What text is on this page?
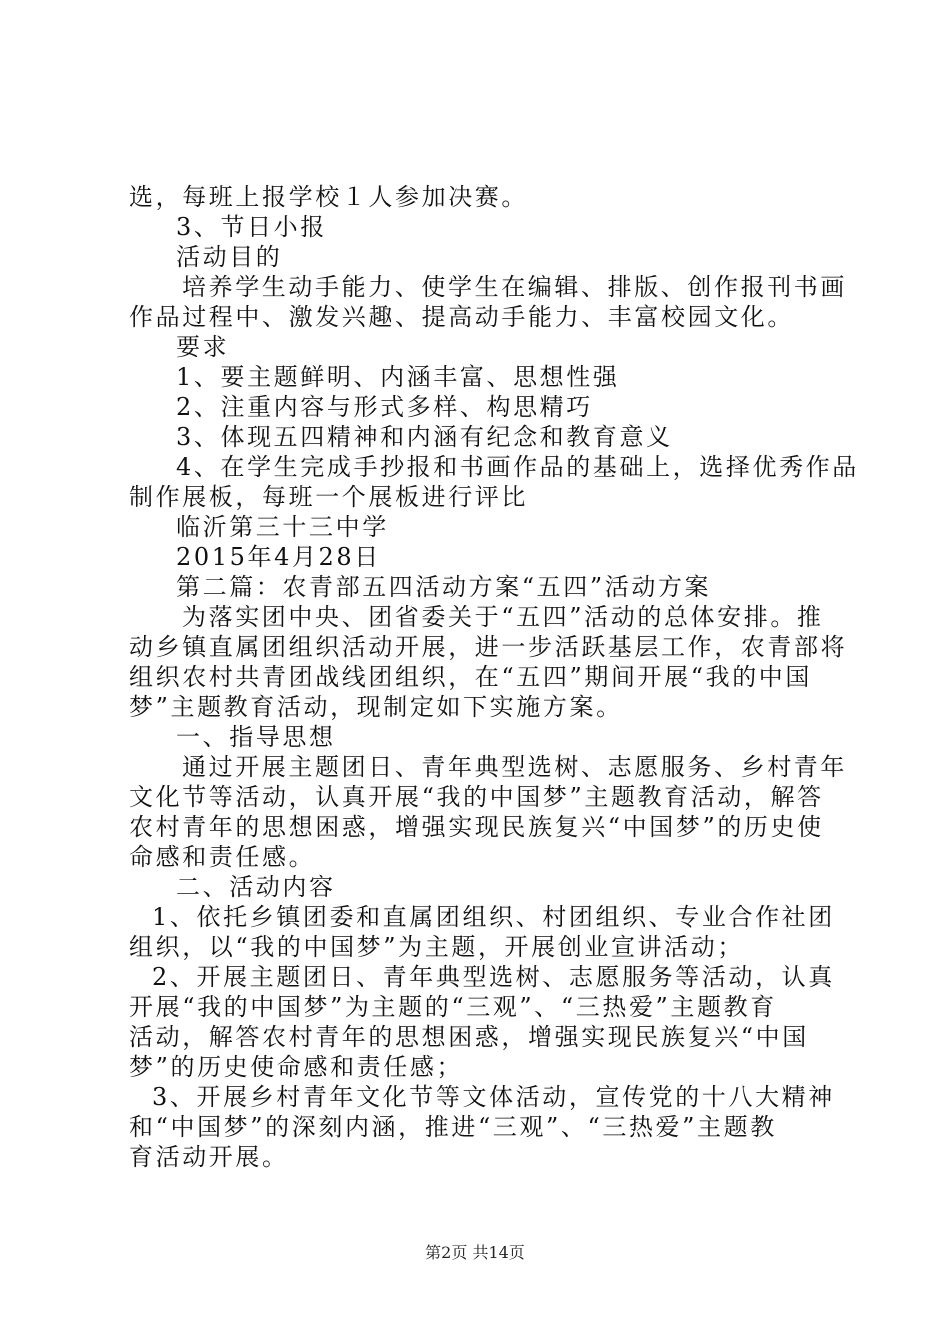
选，每班上报学校１人参加决赛。
3、节日小报
活动目的
培养学生动手能力、使学生在编辑、排版、创作报刊书画
作品过程中、激发兴趣、提高动手能力、丰富校园文化。
要求
1、要主题鲜明、内涵丰富、思想性强
2、注重内容与形式多样、构思精巧
3、体现五四精神和内涵有纪念和教育意义
4、在学生完成手抄报和书画作品的基础上，选择优秀作品
制作展板，每班一个展板进行评比
临沂第三十三中学
2015年4月28日
第二篇：农青部五四活动方案“五四”活动方案
为落实团中央、团省委关于“五四”活动的总体安排。推
动乡镇直属团组织活动开展，进一步活跃基层工作，农青部将
组织农村共青团战线团组织，在“五四”期间开展“我的中国
梦”主题教育活动，现制定如下实施方案。
一、指导思想
通过开展主题团日、青年典型选树、志愿服务、乡村青年
文化节等活动，认真开展“我的中国梦”主题教育活动，解答
农村青年的思想困惑，增强实现民族复兴“中国梦”的历史使
命感和责任感。
二、活动内容
1、依托乡镇团委和直属团组织、村团组织、专业合作社团
组织，以“我的中国梦”为主题，开展创业宣讲活动；
2、开展主题团日、青年典型选树、志愿服务等活动，认真
开展“我的中国梦”为主题的“三观”、“三热爱”主题教育
活动，解答农村青年的思想困惑，增强实现民族复兴“中国
梦”的历史使命感和责任感；
3、开展乡村青年文化节等文体活动，宣传党的十八大精神
和“中国梦”的深刻内涵，推进“三观”、“三热爱”主题教
育活动开展。
第2页 共14页
